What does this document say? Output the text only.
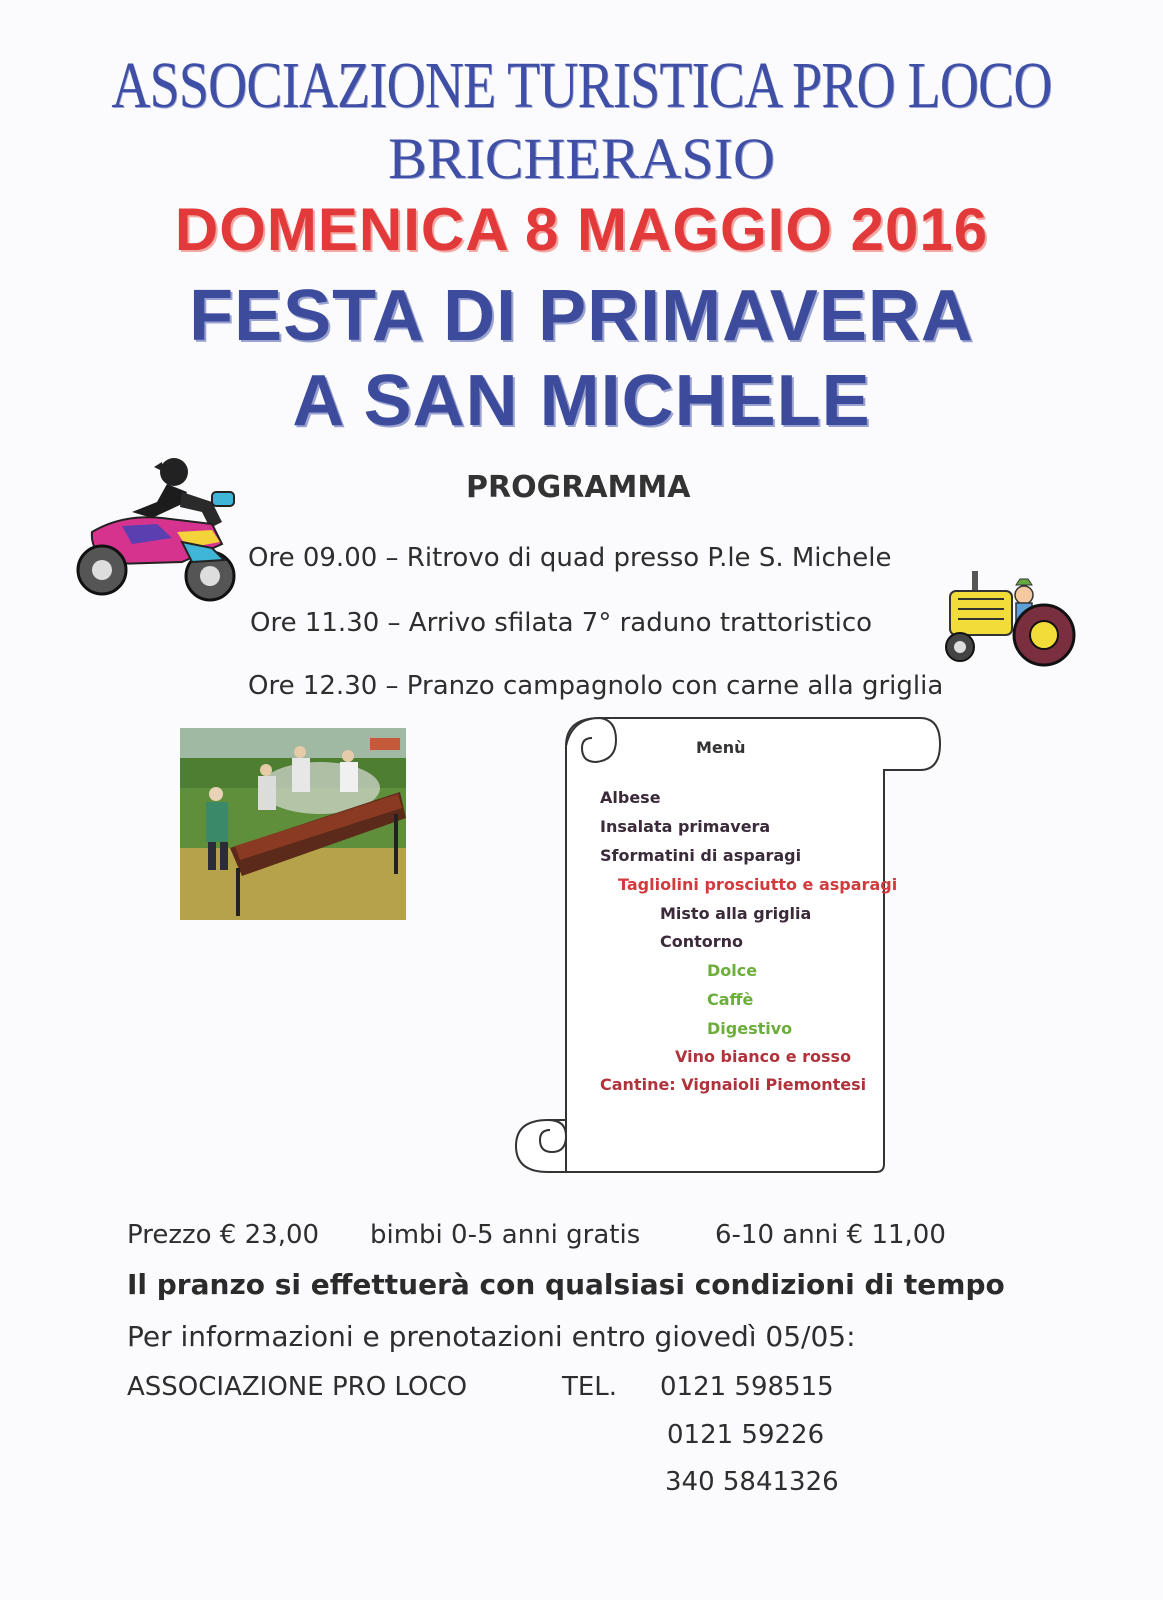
ASSOCIAZIONE TURISTICA PRO LOCO
BRICHERASIO
DOMENICA 8 MAGGIO 2016
FESTA DI PRIMAVERA
A SAN MICHELE
PROGRAMMA
Ore 09.00 – Ritrovo di quad presso P.le S. Michele
Ore 11.30 – Arrivo sfilata 7° raduno trattoristico
Ore 12.30 – Pranzo campagnolo con carne alla griglia
Menù
Albese
Insalata primavera
Sformatini di asparagi
Tagliolini prosciutto e asparagi
Misto alla griglia
Contorno
Dolce
Caffè
Digestivo
Vino bianco e rosso
Cantine: Vignaioli Piemontesi
Prezzo € 23,00 bimbi 0-5 anni gratis	6-10 anni € 11,00
Il pranzo si effettuerà con qualsiasi condizioni di tempo
Per informazioni e prenotazioni entro giovedì 05/05:
ASSOCIAZIONE PRO LOCO	TEL. 0121 598515
0121 59226
340 5841326
